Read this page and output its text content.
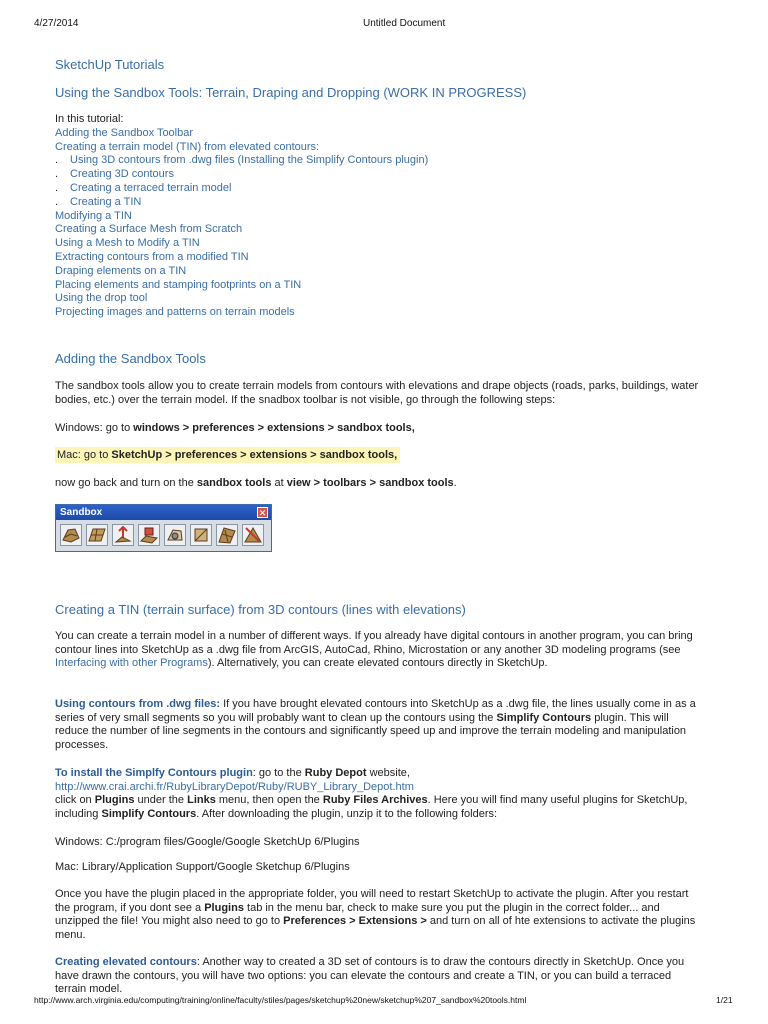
4/27/2014	Untitled Document
SketchUp Tutorials
Using the Sandbox Tools: Terrain, Draping and Dropping (WORK IN PROGRESS)
In this tutorial:
Adding the Sandbox Toolbar
Creating a terrain model (TIN) from elevated contours:
. Using 3D contours from .dwg files (Installing the Simplify Contours plugin)
. Creating 3D contours
. Creating a terraced terrain model
. Creating a TIN
Modifying a TIN
Creating a Surface Mesh from Scratch
Using a Mesh to Modify a TIN
Extracting contours from a modified TIN
Draping elements on a TIN
Placing elements and stamping footprints on a TIN
Using the drop tool
Projecting images and patterns on terrain models
Adding the Sandbox Tools
The sandbox tools allow you to create terrain models from contours with elevations and drape objects (roads, parks, buildings, water bodies, etc.) over the terrain model. If the snadbox toolbar is not visible, go through the following steps:
Windows: go to windows > preferences > extensions > sandbox tools,
Mac: go to SketchUp > preferences > extensions > sandbox tools,
now go back and turn on the sandbox tools at view > toolbars > sandbox tools.
Sandbox	✕
Creating a TIN (terrain surface) from 3D contours (lines with elevations)
You can create a terrain model in a number of different ways. If you already have digital contours in another program, you can bring contour lines into SketchUp as a .dwg file from ArcGIS, AutoCad, Rhino, Microstation or any another 3D modeling programs (see Interfacing with other Programs). Alternatively, you can create elevated contours directly in SketchUp.
Using contours from .dwg files: If you have brought elevated contours into SketchUp as a .dwg file, the lines usually come in as a series of very small segments so you will probably want to clean up the contours using the Simplify Contours plugin. This will reduce the number of line segments in the contours and significantly speed up and improve the terrain modeling and manipulation processes.
To install the Simplfy Contours plugin: go to the Ruby Depot website,
http://www.crai.archi.fr/RubyLibraryDepot/Ruby/RUBY_Library_Depot.htm
click on Plugins under the Links menu, then open the Ruby Files Archives. Here you will find many useful plugins for SketchUp, including Simplify Contours. After downloading the plugin, unzip it to the following folders:
Windows: C:/program files/Google/Google SketchUp 6/Plugins
Mac: Library/Application Support/Google Sketchup 6/Plugins
Once you have the plugin placed in the appropriate folder, you will need to restart SketchUp to activate the plugin. After you restart the program, if you dont see a Plugins tab in the menu bar, check to make sure you put the plugin in the correct folder... and unzipped the file! You might also need to go to Preferences > Extensions > and turn on all of hte extensions to activate the plugins menu.
Creating elevated contours: Another way to created a 3D set of contours is to draw the contours directly in SketchUp. Once you have drawn the contours, you will have two options: you can elevate the contours and create a TIN, or you can build a terraced terrain model.
http://www.arch.virginia.edu/computing/training/online/faculty/stiles/pages/sketchup%20new/sketchup%207_sandbox%20tools.html	1/21
